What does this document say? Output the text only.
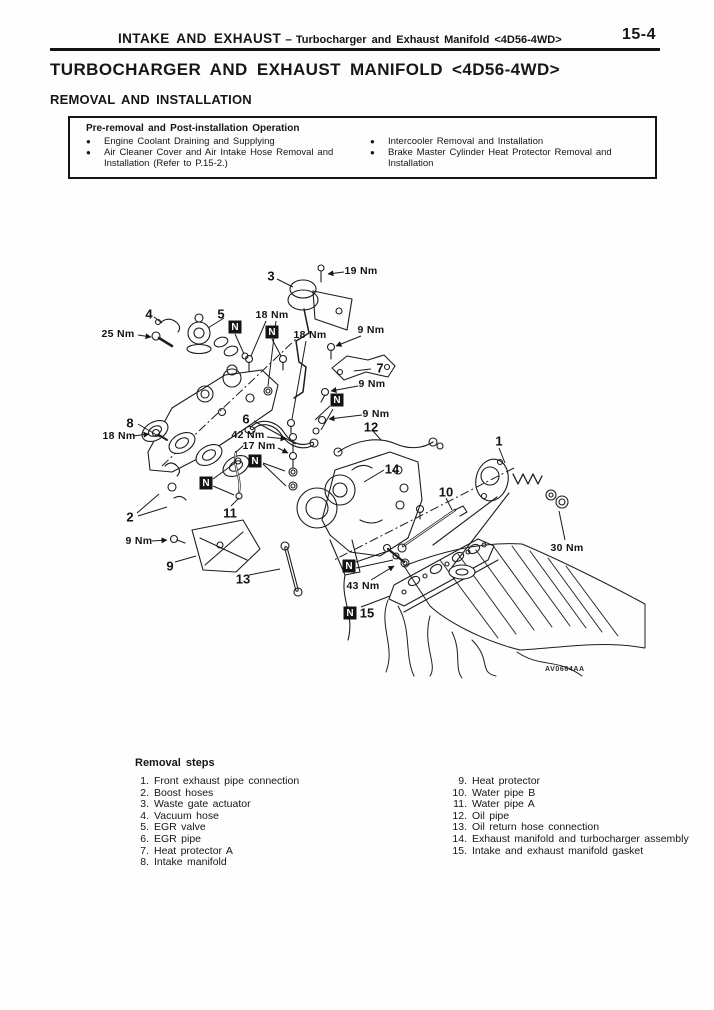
INTAKE AND EXHAUST – Turbocharger and Exhaust Manifold <4D56-4WD>	15-4
TURBOCHARGER AND EXHAUST MANIFOLD <4D56-4WD>
REMOVAL AND INSTALLATION
Pre-removal and Post-installation Operation
●	Engine Coolant Draining and Supplying
●	Air Cleaner Cover and Air Intake Hose Removal and Installation (Refer to P.15-2.)
●	Intercooler Removal and Installation
●	Brake Master Cylinder Heat Protector Removal and Installation
N	N
N
N
N
N
N
19 Nm
25 Nm
18 Nm
18 Nm	9 Nm
9 Nm
9 Nm
18 Nm	42 Nm
17 Nm
9 Nm
43 Nm
30 Nm
1
2
3
4	5
6
7
8
9
10
11
12
13
14
15
AV0664AA
Removal steps
1. Front exhaust pipe connection
2. Boost hoses
3. Waste gate actuator
4. Vacuum hose
5. EGR valve
6. EGR pipe
7. Heat protector A
8. Intake manifold
9. Heat protector
10. Water pipe B
11. Water pipe A
12. Oil pipe
13. Oil return hose connection
14. Exhaust manifold and turbocharger assembly
15. Intake and exhaust manifold gasket
